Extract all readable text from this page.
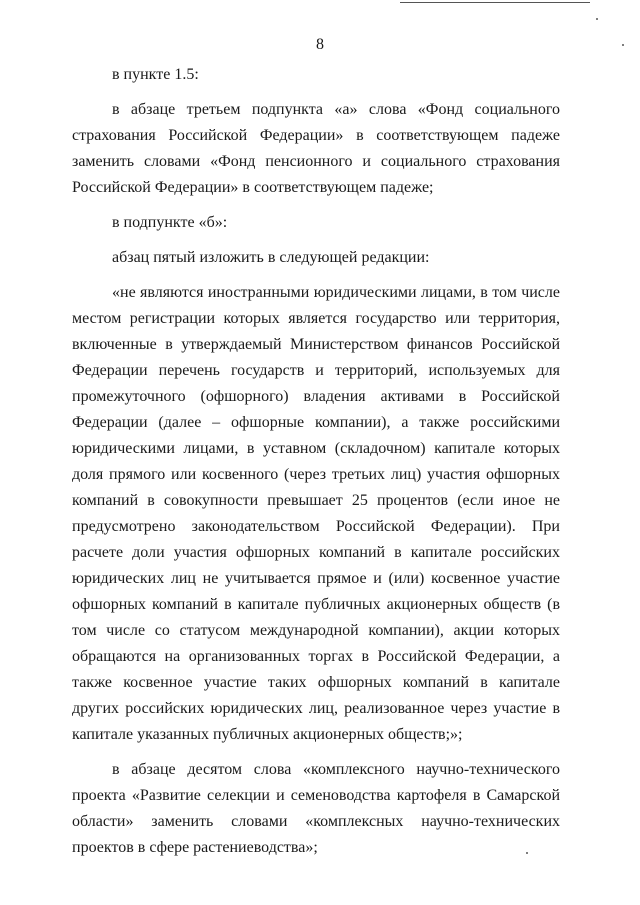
8

в пункте 1.5:

в абзаце третьем подпункта «а» слова «Фонд социального страхования Российской Федерации» в соответствующем падеже заменить словами «Фонд пенсионного и социального страхования Российской Федерации» в соответствующем падеже;

в подпункте «б»:

абзац пятый изложить в следующей редакции:

«не являются иностранными юридическими лицами, в том числе местом регистрации которых является государство или территория, включенные в утверждаемый Министерством финансов Российской Федерации перечень государств и территорий, используемых для промежуточного (офшорного) владения активами в Российской Федерации (далее – офшорные компании), а также российскими юридическими лицами, в уставном (складочном) капитале которых доля прямого или косвенного (через третьих лиц) участия офшорных компаний в совокупности превышает 25 процентов (если иное не предусмотрено законодательством Российской Федерации). При расчете доли участия офшорных компаний в капитале российских юридических лиц не учитывается прямое и (или) косвенное участие офшорных компаний в капитале публичных акционерных обществ (в том числе со статусом международной компании), акции которых обращаются на организованных торгах в Российской Федерации, а также косвенное участие таких офшорных компаний в капитале других российских юридических лиц, реализованное через участие в капитале указанных публичных акционерных обществ;»;

в абзаце десятом слова «комплексного научно-технического проекта «Развитие селекции и семеноводства картофеля в Самарской области» заменить словами «комплексных научно-технических проектов в сфере растениеводства»;
